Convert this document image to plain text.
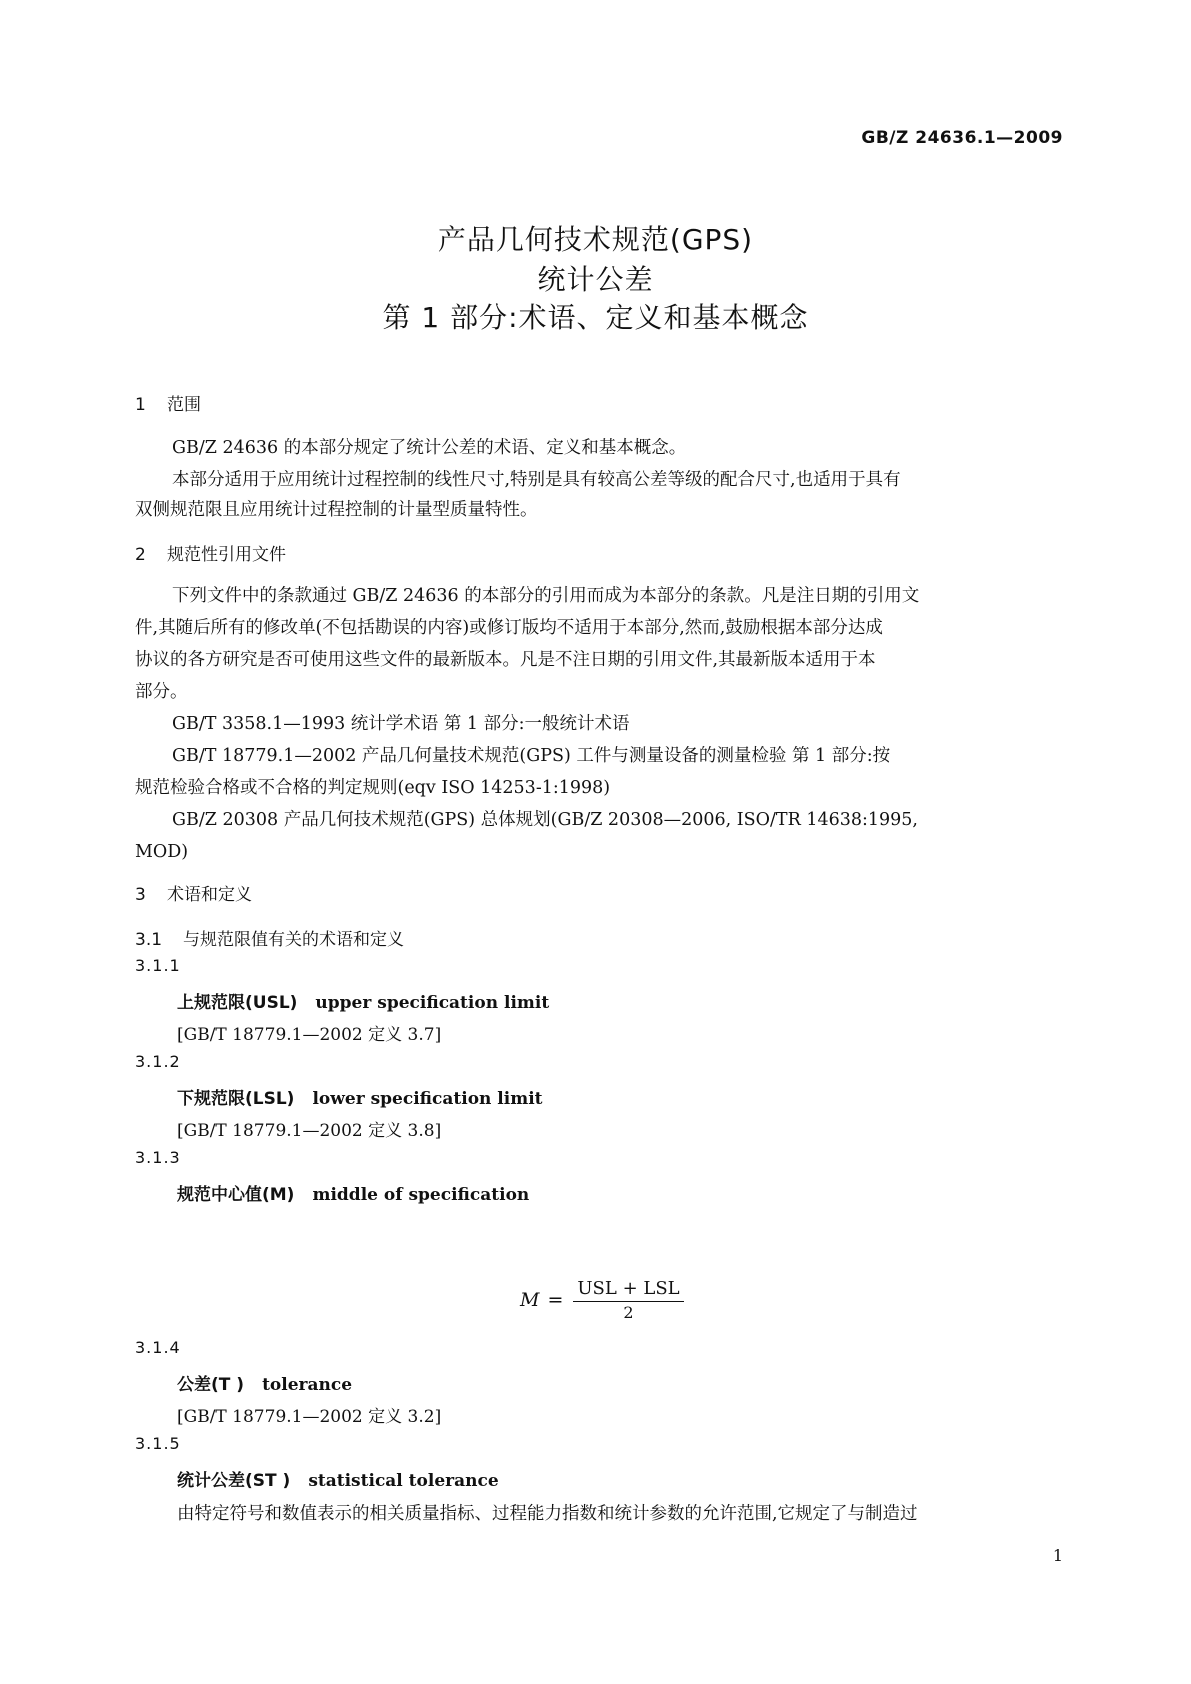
GB/Z 24636.1—2009
产品几何技术规范(GPS)
统计公差
第 1 部分:术语、定义和基本概念
1 范围
GB/Z 24636 的本部分规定了统计公差的术语、定义和基本概念。
本部分适用于应用统计过程控制的线性尺寸,特别是具有较高公差等级的配合尺寸,也适用于具有
双侧规范限且应用统计过程控制的计量型质量特性。
2 规范性引用文件
下列文件中的条款通过 GB/Z 24636 的本部分的引用而成为本部分的条款。凡是注日期的引用文
件,其随后所有的修改单(不包括勘误的内容)或修订版均不适用于本部分,然而,鼓励根据本部分达成
协议的各方研究是否可使用这些文件的最新版本。凡是不注日期的引用文件,其最新版本适用于本
部分。
GB/T 3358.1—1993 统计学术语 第 1 部分:一般统计术语
GB/T 18779.1—2002 产品几何量技术规范(GPS) 工件与测量设备的测量检验 第 1 部分:按
规范检验合格或不合格的判定规则(eqv ISO 14253-1:1998)
GB/Z 20308 产品几何技术规范(GPS) 总体规划(GB/Z 20308—2006, ISO/TR 14638:1995,
MOD)
3 术语和定义
3.1 与规范限值有关的术语和定义
3.1.1
上规范限(USL) upper specification limit
[GB/T 18779.1—2002 定义 3.7]
3.1.2
下规范限(LSL) lower specification limit
[GB/T 18779.1—2002 定义 3.8]
3.1.3
规范中心值(M) middle of specification
$M = \frac{\text{USL + LSL}}{2}$
3.1.4
公差(T ) tolerance
[GB/T 18779.1—2002 定义 3.2]
3.1.5
统计公差(ST ) statistical tolerance
由特定符号和数值表示的相关质量指标、过程能力指数和统计参数的允许范围,它规定了与制造过
1
